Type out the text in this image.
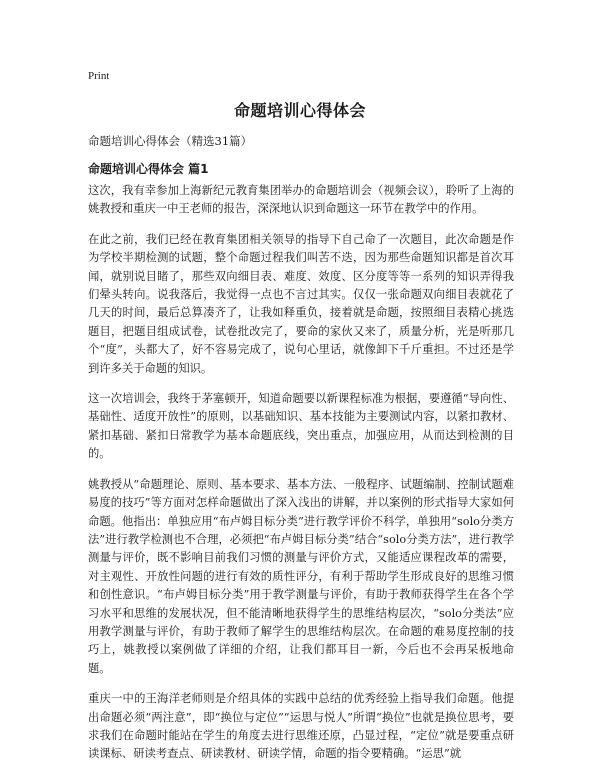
Print
命题培训心得体会

命题培训心得体会（精选31篇）

命题培训心得体会 篇1

这次，我有幸参加上海新纪元教育集团举办的命题培训会（视频会议），聆听了上海的姚教授和重庆一中王老师的报告，深深地认识到命题这一环节在教学中的作用。

在此之前，我们已经在教育集团相关领导的指导下自己命了一次题目，此次命题是作为学校半期检测的试题，整个命题过程我们叫苦不迭，因为那些命题知识都是首次耳闻，就别说目睹了，那些双向细目表、难度、效度、区分度等等一系列的知识弄得我们晕头转向。说我落后，我觉得一点也不言过其实。仅仅一张命题双向细目表就花了几天的时间，最后总算凑齐了，让我如释重负，接着就是命题，按照细目表精心挑选题目，把题目组成试卷，试卷批改完了，要命的家伙又来了，质量分析，光是听那几个“度”，头都大了，好不容易完成了，说句心里话，就像卸下千斤重担。不过还是学到许多关于命题的知识。

这一次培训会，我终于茅塞顿开，知道命题要以新课程标准为根据，要遵循“导向性、基础性、适度开放性”的原则，以基础知识、基本技能为主要测试内容，以紧扣教材、紧扣基础、紧扣日常教学为基本命题底线，突出重点，加强应用，从而达到检测的目的。

姚教授从“命题理论、原则、基本要求、基本方法、一般程序、试题编制、控制试题难易度的技巧”等方面对怎样命题做出了深入浅出的讲解，并以案例的形式指导大家如何命题。他指出：单独应用“布卢姆目标分类”进行教学评价不科学，单独用“solo分类方法”进行教学检测也不合理，必须把“布卢姆目标分类”结合“solo分类方法”，进行教学测量与评价，既不影响目前我们习惯的测量与评价方式，又能适应课程改革的需要，对主观性、开放性问题的进行有效的质性评分，有利于帮助学生形成良好的思维习惯和创性意识。“布卢姆目标分类”用于教学测量与评价，有助于教师获得学生在各个学习水平和思维的发展状况，但不能清晰地获得学生的思维结构层次，“solo分类法”应用教学测量与评价，有助于教师了解学生的思维结构层次。在命题的难易度控制的技巧上，姚教授以案例做了详细的介绍，让我们都耳目一新，今后也不会再呆板地命题。

重庆一中的王海洋老师则是介绍具体的实践中总结的优秀经验上指导我们命题。他提出命题必须“两注意”，即“换位与定位”“运思与悦人”所谓“换位”也就是换位思考，要求我们在命题时能站在学生的角度去进行思维还原，凸显过程，“定位”就是要重点研读课标、研读考查点、研读教材、研读学情，命题的指令要精确。“运思”就
